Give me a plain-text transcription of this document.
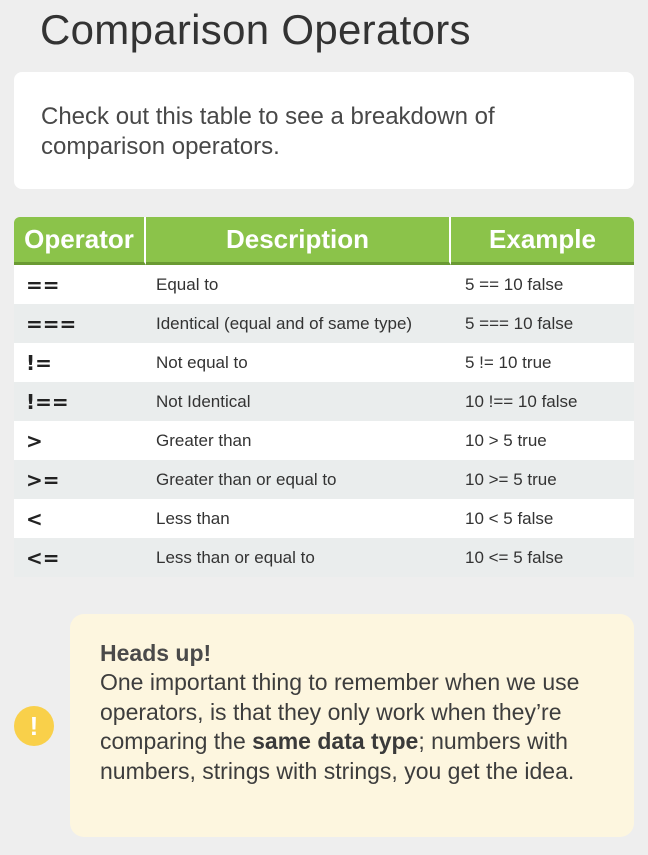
Comparison Operators

Check out this table to see a breakdown of comparison operators.

Operator	Description	Example
==	Equal to	5 == 10 false
===	Identical (equal and of same type)	5 === 10 false
!=	Not equal to	5 != 10 true
!==	Not Identical	10 !== 10 false
>	Greater than	10 > 5 true
>=	Greater than or equal to	10 >= 5 true
<	Less than	10 < 5 false
<=	Less than or equal to	10 <= 5 false
!

Heads up!

One important thing to remember when we use operators, is that they only work when they’re comparing the same data type; numbers with numbers, strings with strings, you get the idea.
